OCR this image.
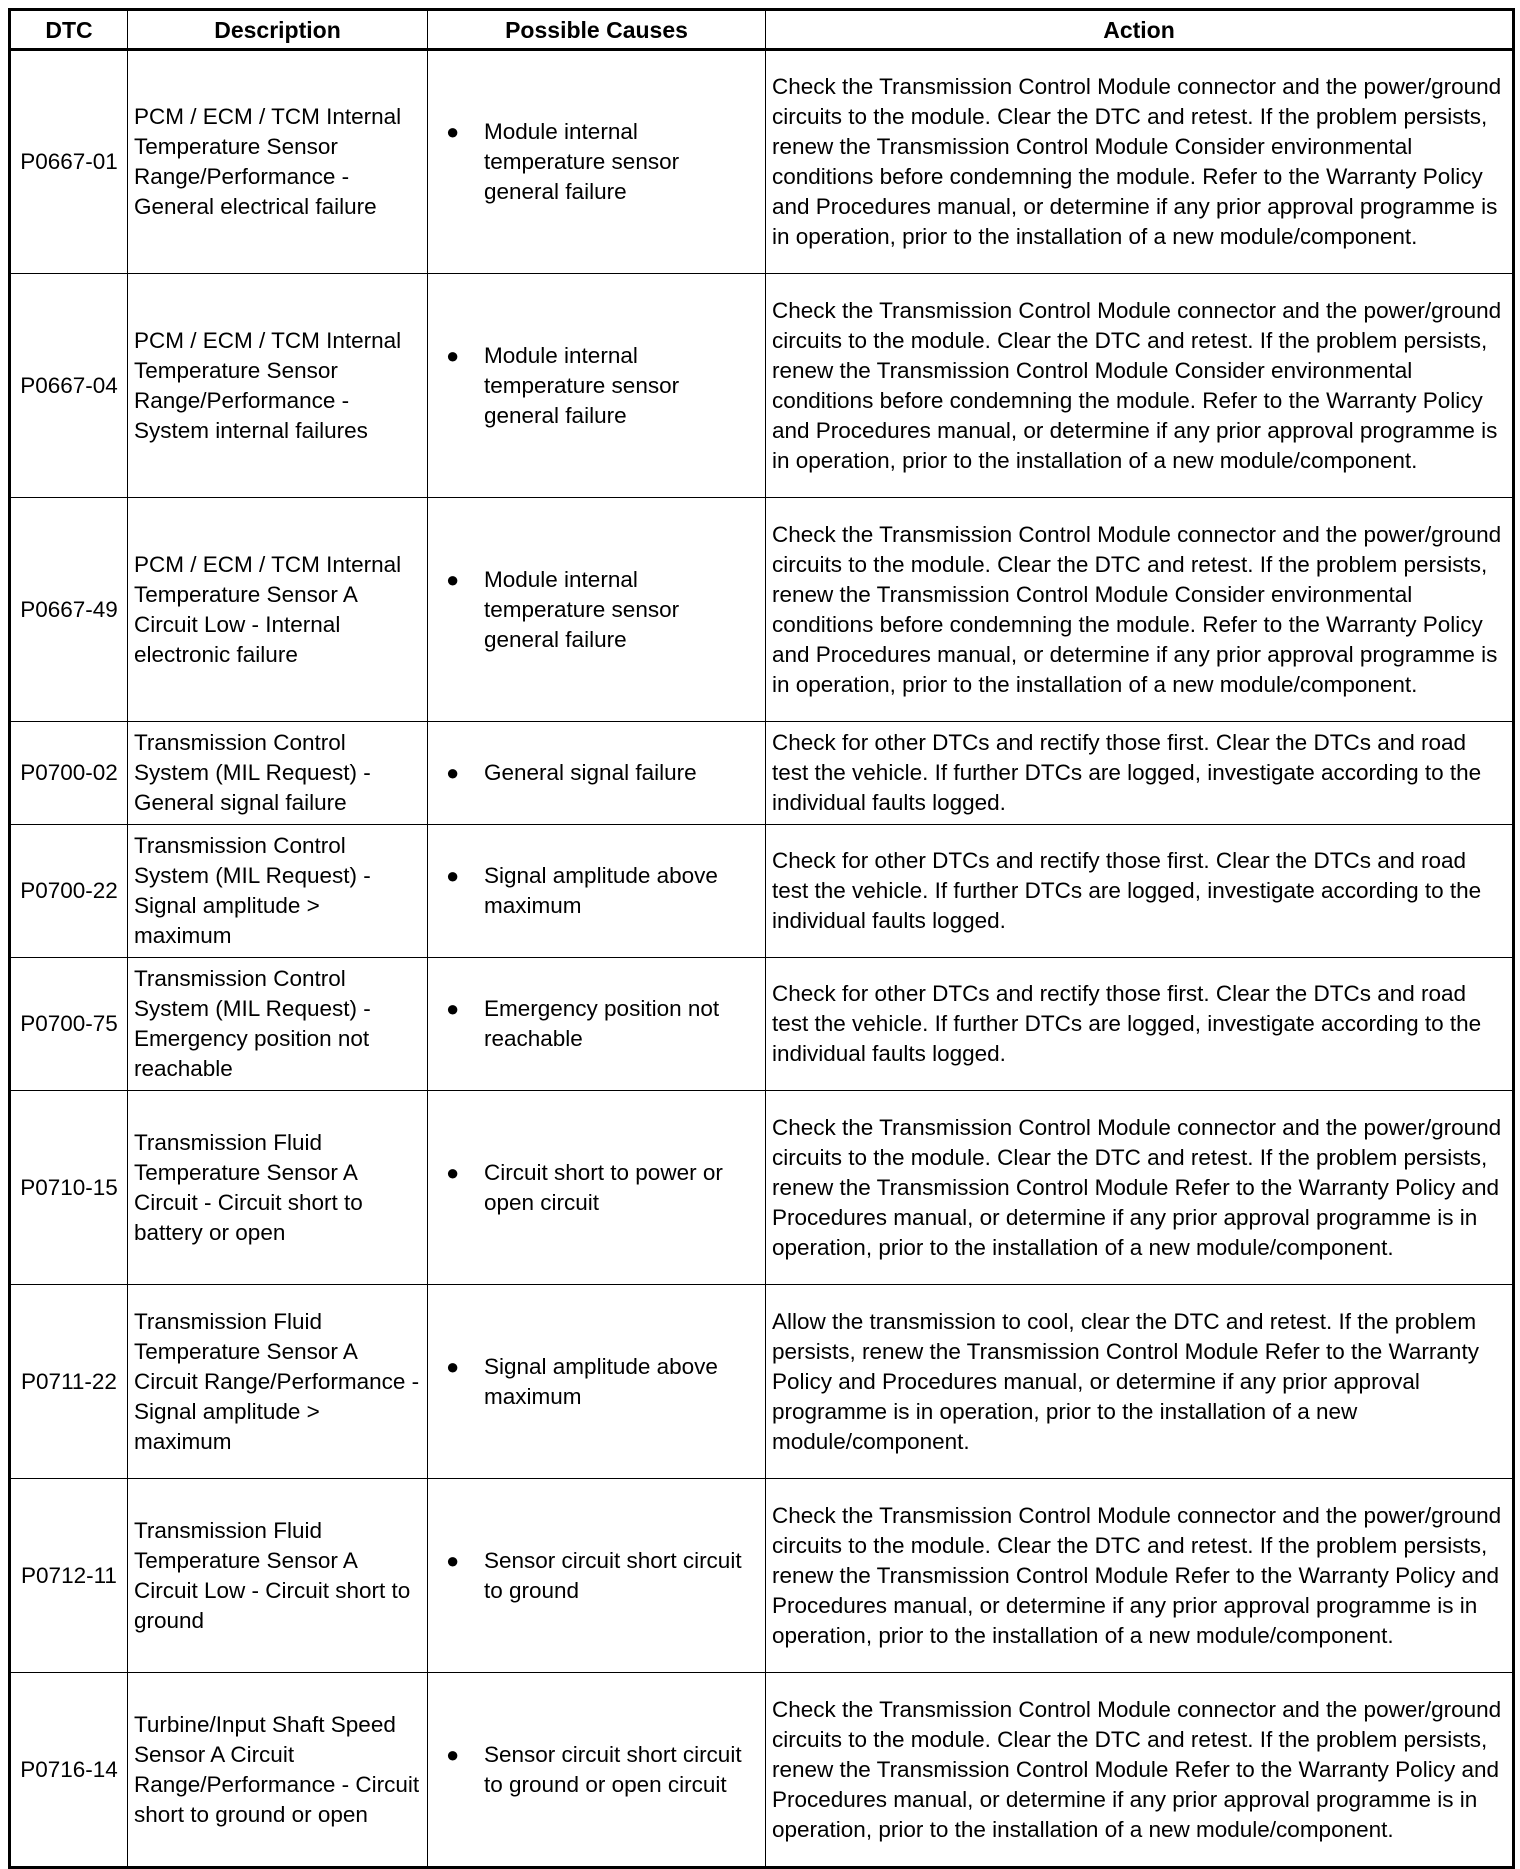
DTC	Description	Possible Causes	Action
P0667-01	PCM / ECM / TCM Internal Temperature Sensor Range/Performance - General electrical failure	● Module internal temperature sensor general failure	Check the Transmission Control Module connector and the power/ground circuits to the module. Clear the DTC and retest. If the problem persists, renew the Transmission Control Module Consider environmental conditions before condemning the module. Refer to the Warranty Policy and Procedures manual, or determine if any prior approval programme is in operation, prior to the installation of a new module/component.
P0667-04	PCM / ECM / TCM Internal Temperature Sensor Range/Performance - System internal failures	● Module internal temperature sensor general failure	Check the Transmission Control Module connector and the power/ground circuits to the module. Clear the DTC and retest. If the problem persists, renew the Transmission Control Module Consider environmental conditions before condemning the module. Refer to the Warranty Policy and Procedures manual, or determine if any prior approval programme is in operation, prior to the installation of a new module/component.
P0667-49	PCM / ECM / TCM Internal Temperature Sensor A Circuit Low - Internal electronic failure	● Module internal temperature sensor general failure	Check the Transmission Control Module connector and the power/ground circuits to the module. Clear the DTC and retest. If the problem persists, renew the Transmission Control Module Consider environmental conditions before condemning the module. Refer to the Warranty Policy and Procedures manual, or determine if any prior approval programme is in operation, prior to the installation of a new module/component.
P0700-02	Transmission Control System (MIL Request) - General signal failure	● General signal failure	Check for other DTCs and rectify those first. Clear the DTCs and road test the vehicle. If further DTCs are logged, investigate according to the individual faults logged.
P0700-22	Transmission Control System (MIL Request) - Signal amplitude > maximum	● Signal amplitude above maximum	Check for other DTCs and rectify those first. Clear the DTCs and road test the vehicle. If further DTCs are logged, investigate according to the individual faults logged.
P0700-75	Transmission Control System (MIL Request) - Emergency position not reachable	● Emergency position not reachable	Check for other DTCs and rectify those first. Clear the DTCs and road test the vehicle. If further DTCs are logged, investigate according to the individual faults logged.
P0710-15	Transmission Fluid Temperature Sensor A Circuit - Circuit short to battery or open	● Circuit short to power or open circuit	Check the Transmission Control Module connector and the power/ground circuits to the module. Clear the DTC and retest. If the problem persists, renew the Transmission Control Module Refer to the Warranty Policy and Procedures manual, or determine if any prior approval programme is in operation, prior to the installation of a new module/component.
P0711-22	Transmission Fluid Temperature Sensor A Circuit Range/Performance - Signal amplitude > maximum	● Signal amplitude above maximum	Allow the transmission to cool, clear the DTC and retest. If the problem persists, renew the Transmission Control Module Refer to the Warranty Policy and Procedures manual, or determine if any prior approval programme is in operation, prior to the installation of a new module/component.
P0712-11	Transmission Fluid Temperature Sensor A Circuit Low - Circuit short to ground	● Sensor circuit short circuit to ground	Check the Transmission Control Module connector and the power/ground circuits to the module. Clear the DTC and retest. If the problem persists, renew the Transmission Control Module Refer to the Warranty Policy and Procedures manual, or determine if any prior approval programme is in operation, prior to the installation of a new module/component.
P0716-14	Turbine/Input Shaft Speed Sensor A Circuit Range/Performance - Circuit short to ground or open	● Sensor circuit short circuit to ground or open circuit	Check the Transmission Control Module connector and the power/ground circuits to the module. Clear the DTC and retest. If the problem persists, renew the Transmission Control Module Refer to the Warranty Policy and Procedures manual, or determine if any prior approval programme is in operation, prior to the installation of a new module/component.
